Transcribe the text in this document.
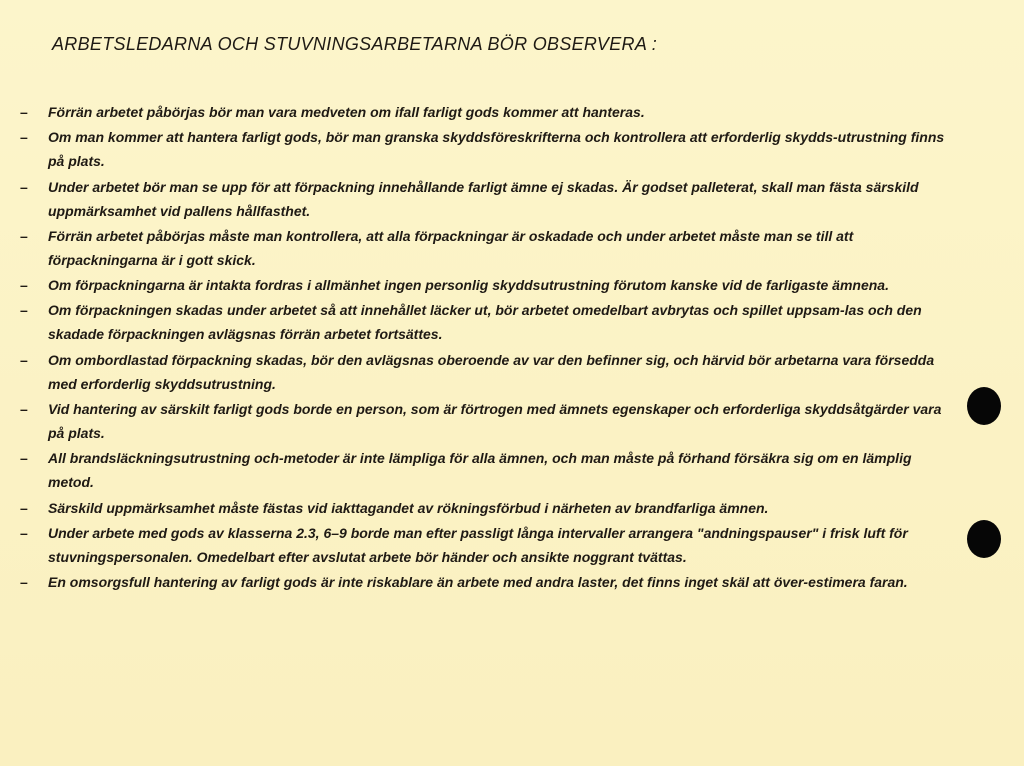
ARBETSLEDARNA OCH STUVNINGSARBETARNA BÖR OBSERVERA :
–	Förrän arbetet påbörjas bör man vara medveten om ifall farligt gods kommer att hanteras.
–	Om man kommer att hantera farligt gods, bör man granska skyddsföreskrifterna och kontrollera att erforderlig skydds-utrustning finns på plats.
–	Under arbetet bör man se upp för att förpackning innehållande farligt ämne ej skadas. Är godset palleterat, skall man fästa särskild uppmärksamhet vid pallens hållfasthet.
–	Förrän arbetet påbörjas måste man kontrollera, att alla förpackningar är oskadade och under arbetet måste man se till att förpackningarna är i gott skick.
–	Om förpackningarna är intakta fordras i allmänhet ingen personlig skyddsutrustning förutom kanske vid de farligaste ämnena.
–	Om förpackningen skadas under arbetet så att innehållet läcker ut, bör arbetet omedelbart avbrytas och spillet uppsam-las och den skadade förpackningen avlägsnas förrän arbetet fortsättes.
–	Om ombordlastad förpackning skadas, bör den avlägsnas oberoende av var den befinner sig, och härvid bör arbetarna vara försedda med erforderlig skyddsutrustning.
–	Vid hantering av särskilt farligt gods borde en person, som är förtrogen med ämnets egenskaper och erforderliga skyddsåtgärder vara på plats.
–	All brandsläckningsutrustning och-metoder är inte lämpliga för alla ämnen, och man måste på förhand försäkra sig om en lämplig metod.
–	Särskild uppmärksamhet måste fästas vid iakttagandet av rökningsförbud i närheten av brandfarliga ämnen.
–	Under arbete med gods av klasserna 2.3, 6–9 borde man efter passligt långa intervaller arrangera "andningspauser" i frisk luft för stuvningspersonalen. Omedelbart efter avslutat arbete bör händer och ansikte noggrant tvättas.
–	En omsorgsfull hantering av farligt gods är inte riskablare än arbete med andra laster, det finns inget skäl att över-estimera faran.
